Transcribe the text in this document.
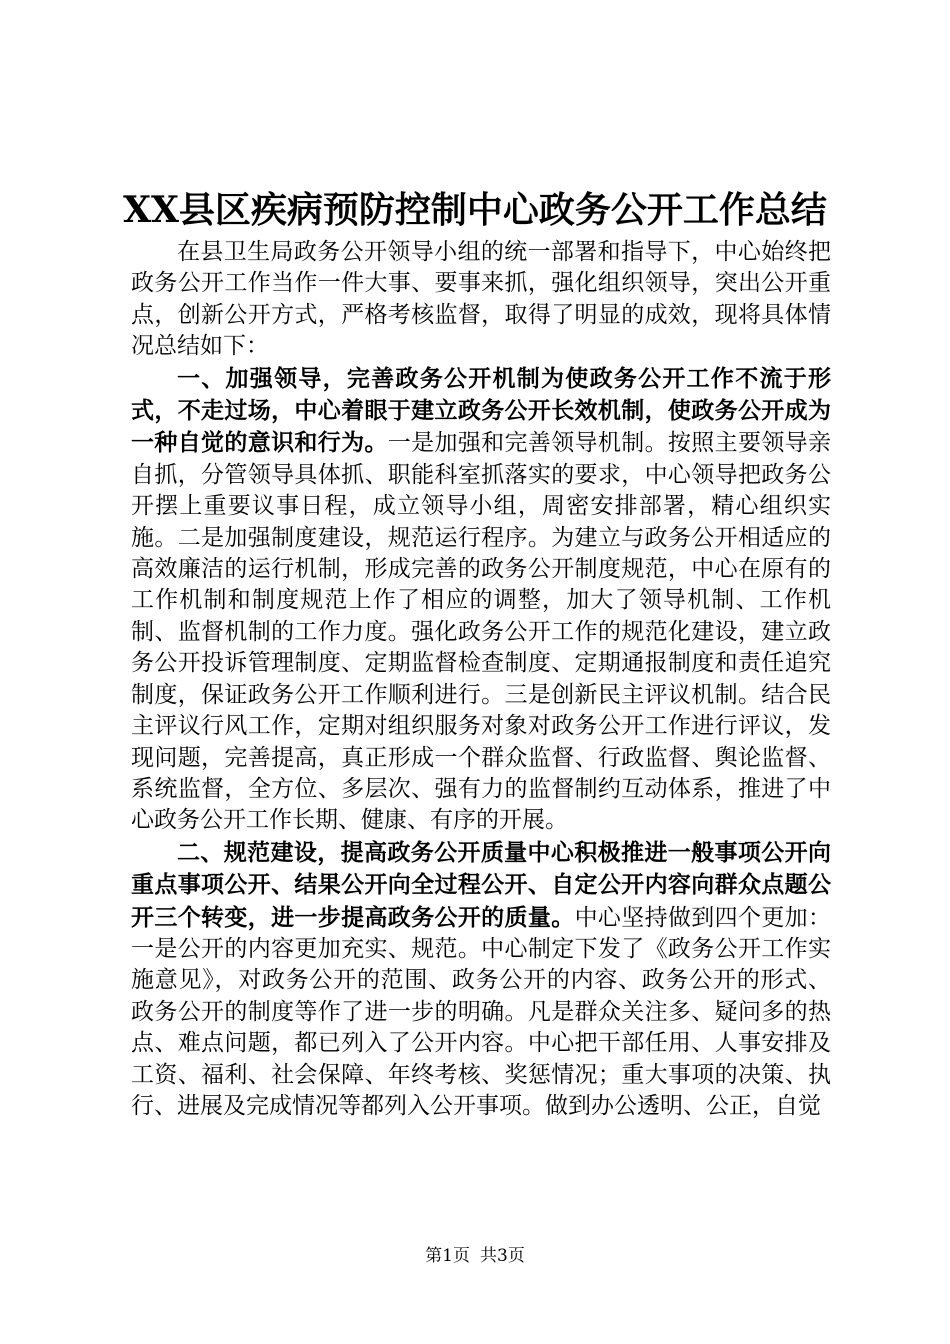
XX县区疾病预防控制中心政务公开工作总结

在县卫生局政务公开领导小组的统一部署和指导下，中心始终把政务公开工作当作一件大事、要事来抓，强化组织领导，突出公开重点，创新公开方式，严格考核监督，取得了明显的成效，现将具体情况总结如下：

一、加强领导，完善政务公开机制为使政务公开工作不流于形式，不走过场，中心着眼于建立政务公开长效机制，使政务公开成为一种自觉的意识和行为。一是加强和完善领导机制。按照主要领导亲自抓，分管领导具体抓、职能科室抓落实的要求，中心领导把政务公开摆上重要议事日程，成立领导小组，周密安排部署，精心组织实施。二是加强制度建设，规范运行程序。为建立与政务公开相适应的高效廉洁的运行机制，形成完善的政务公开制度规范，中心在原有的工作机制和制度规范上作了相应的调整，加大了领导机制、工作机制、监督机制的工作力度。强化政务公开工作的规范化建设，建立政务公开投诉管理制度、定期监督检查制度、定期通报制度和责任追究制度，保证政务公开工作顺利进行。三是创新民主评议机制。结合民主评议行风工作，定期对组织服务对象对政务公开工作进行评议，发现问题，完善提高，真正形成一个群众监督、行政监督、舆论监督、系统监督，全方位、多层次、强有力的监督制约互动体系，推进了中心政务公开工作长期、健康、有序的开展。

二、规范建设，提高政务公开质量中心积极推进一般事项公开向重点事项公开、结果公开向全过程公开、自定公开内容向群众点题公开三个转变，进一步提高政务公开的质量。中心坚持做到四个更加：一是公开的内容更加充实、规范。中心制定下发了《政务公开工作实施意见》，对政务公开的范围、政务公开的内容、政务公开的形式、政务公开的制度等作了进一步的明确。凡是群众关注多、疑问多的热点、难点问题，都已列入了公开内容。中心把干部任用、人事安排及工资、福利、社会保障、年终考核、奖惩情况；重大事项的决策、执行、进展及完成情况等都列入公开事项。做到办公透明、公正，自觉

第1页 共3页
